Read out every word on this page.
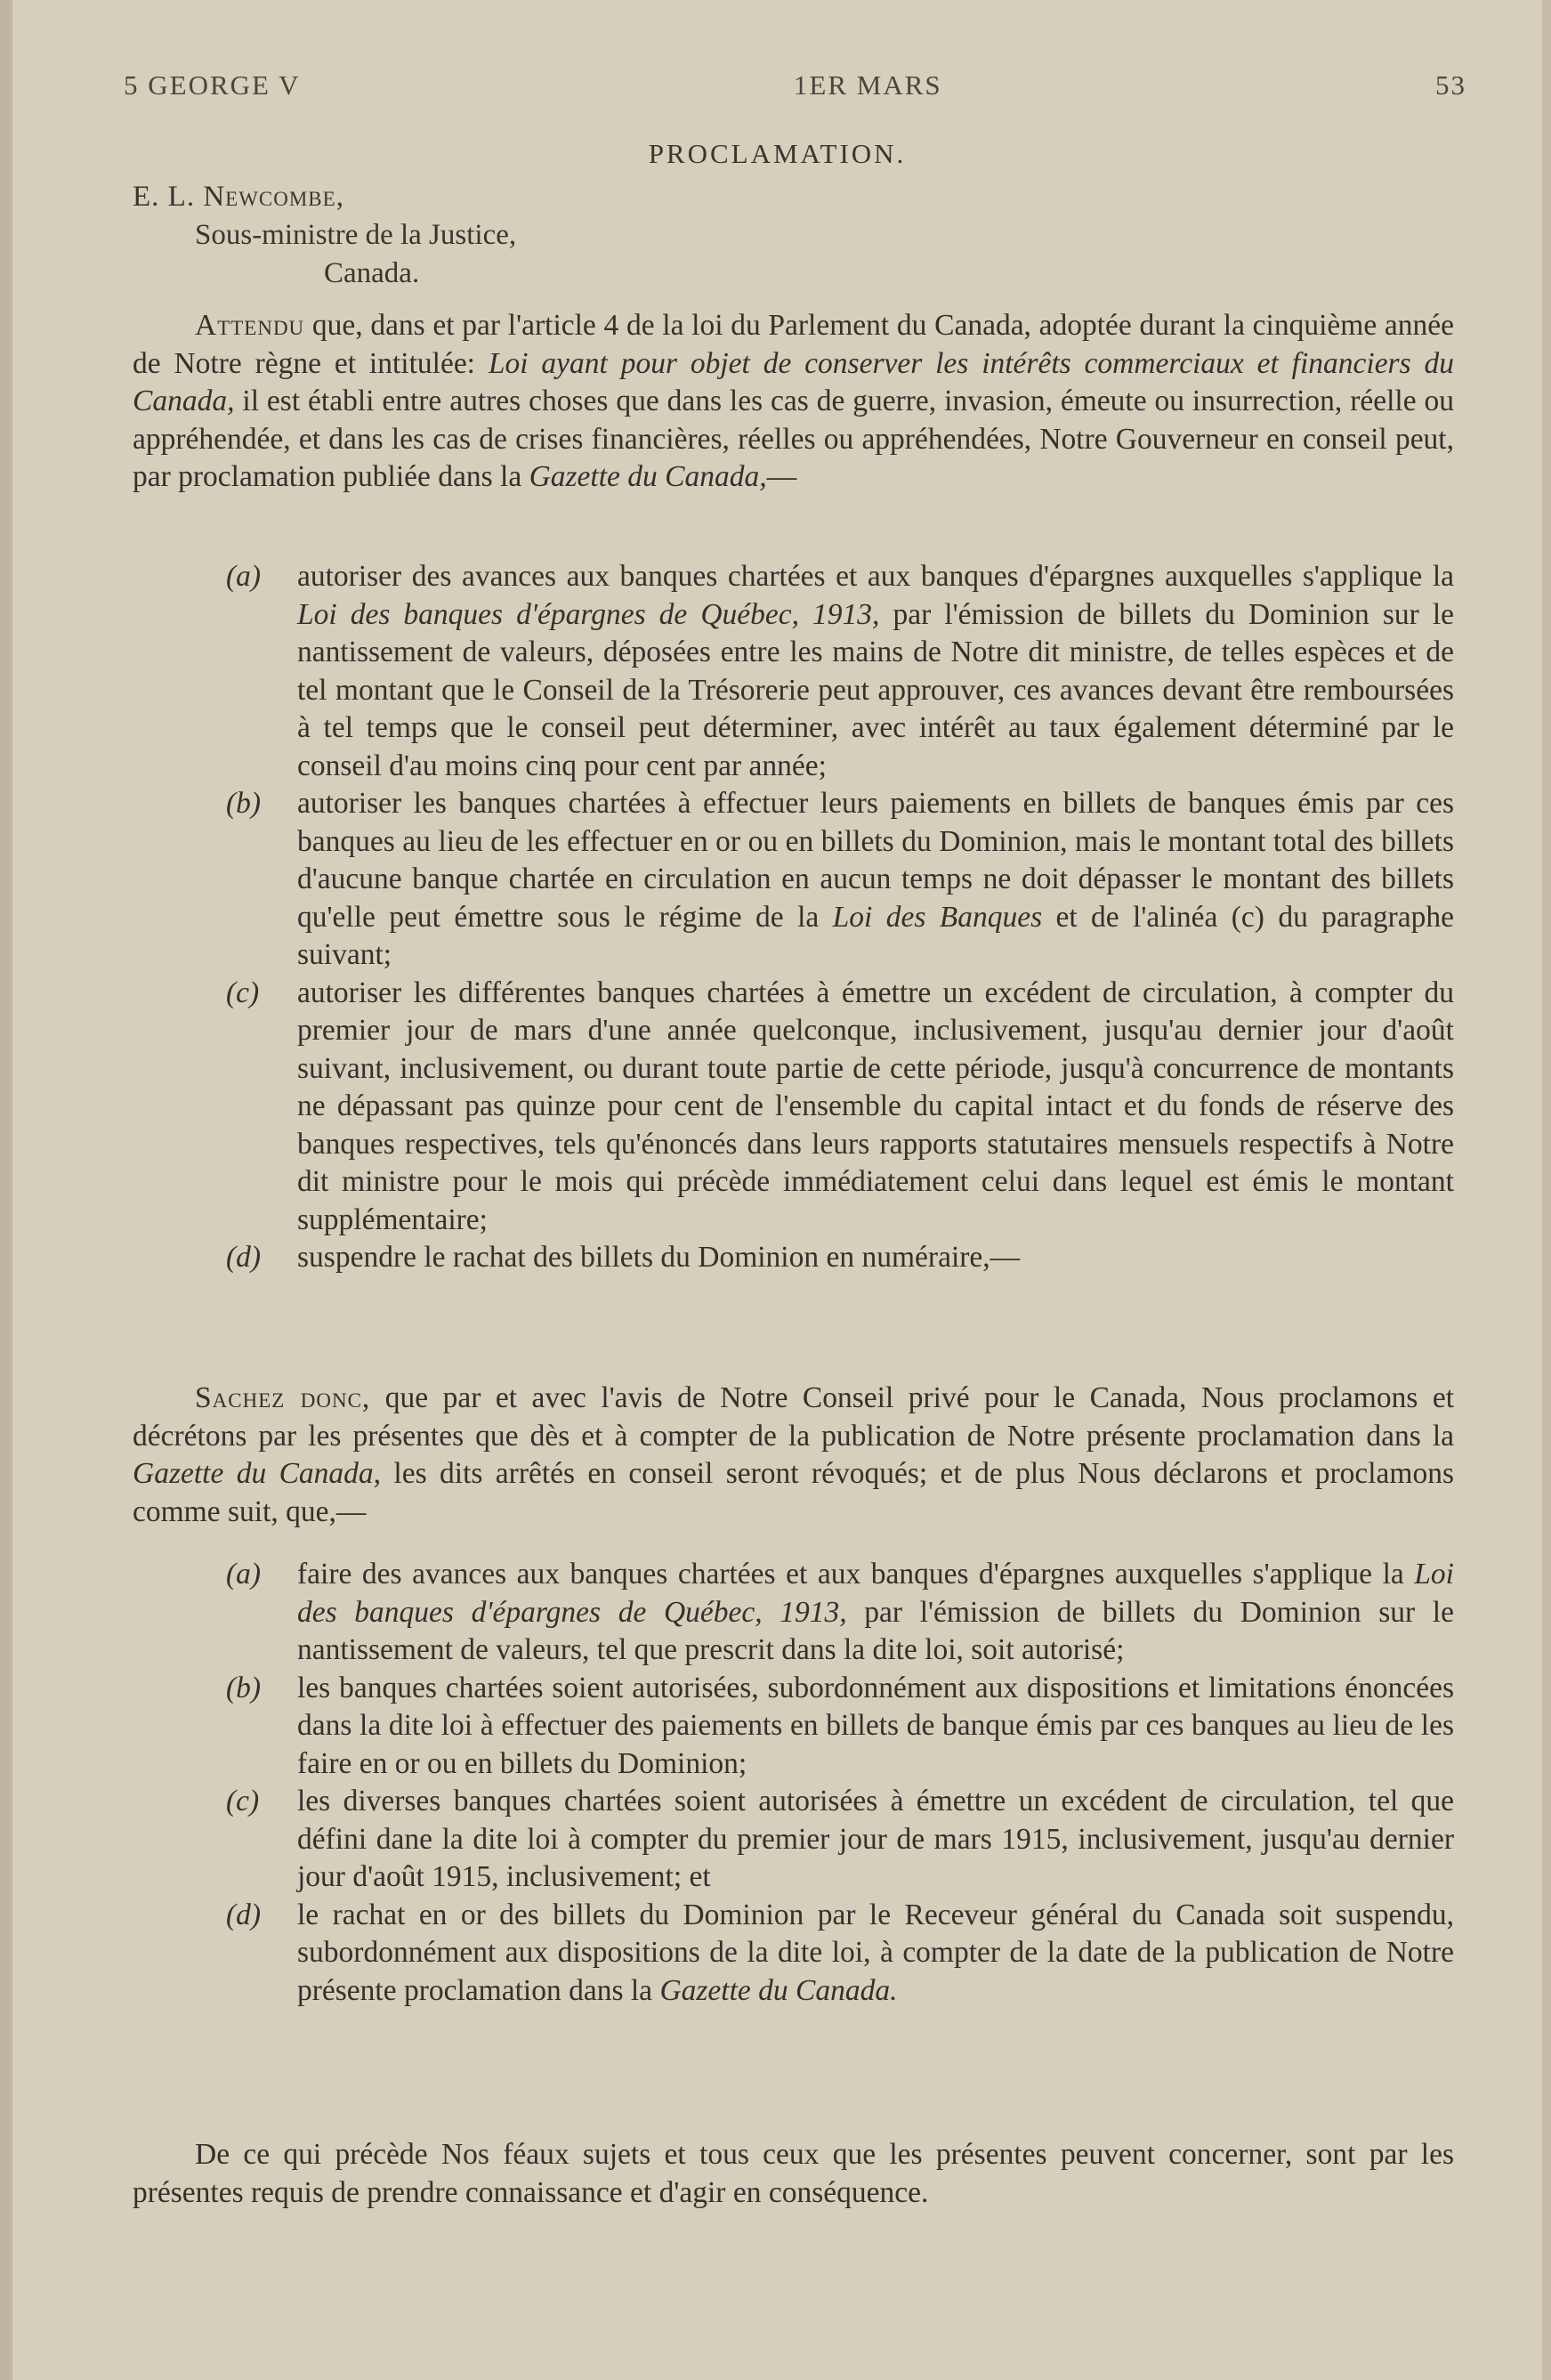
5 GEORGE V	1ER MARS	53
PROCLAMATION.
E. L. Newcombe,
Sous-ministre de la Justice,
Canada.

Attendu que, dans et par l'article 4 de la loi du Parlement du Canada, adoptée durant la cinquième année de Notre règne et intitulée: Loi ayant pour objet de conserver les intérêts commerciaux et financiers du Canada, il est établi entre autres choses que dans les cas de guerre, invasion, émeute ou insurrection, réelle ou appréhendée, et dans les cas de crises financières, réelles ou appréhendées, Notre Gouverneur en conseil peut, par proclamation publiée dans la Gazette du Canada,—

(a) autoriser des avances aux banques chartées et aux banques d'épargnes auxquelles s'applique la Loi des banques d'épargnes de Québec, 1913, par l'émission de billets du Dominion sur le nantissement de valeurs, déposées entre les mains de Notre dit ministre, de telles espèces et de tel montant que le Conseil de la Trésorerie peut approuver, ces avances devant être remboursées à tel temps que le conseil peut déterminer, avec intérêt au taux également déterminé par le conseil d'au moins cinq pour cent par année;
(b) autoriser les banques chartées à effectuer leurs paiements en billets de banques émis par ces banques au lieu de les effectuer en or ou en billets du Dominion, mais le montant total des billets d'aucune banque chartée en circulation en aucun temps ne doit dépasser le montant des billets qu'elle peut émettre sous le régime de la Loi des Banques et de l'alinéa (c) du paragraphe suivant;
(c) autoriser les différentes banques chartées à émettre un excédent de circulation, à compter du premier jour de mars d'une année quelconque, inclusivement, jusqu'au dernier jour d'août suivant, inclusivement, ou durant toute partie de cette période, jusqu'à concurrence de montants ne dépassant pas quinze pour cent de l'ensemble du capital intact et du fonds de réserve des banques respectives, tels qu'énoncés dans leurs rapports statutaires mensuels respectifs à Notre dit ministre pour le mois qui précède immédiatement celui dans lequel est émis le montant supplémentaire;
(d) suspendre le rachat des billets du Dominion en numéraire,—

Sachez donc, que par et avec l'avis de Notre Conseil privé pour le Canada, Nous proclamons et décrétons par les présentes que dès et à compter de la publication de Notre présente proclamation dans la Gazette du Canada, les dits arrêtés en conseil seront révoqués; et de plus Nous déclarons et proclamons comme suit, que,—

(a) faire des avances aux banques chartées et aux banques d'épargnes auxquelles s'applique la Loi des banques d'épargnes de Québec, 1913, par l'émission de billets du Dominion sur le nantissement de valeurs, tel que prescrit dans la dite loi, soit autorisé;
(b) les banques chartées soient autorisées, subordonnément aux dispositions et limitations énoncées dans la dite loi à effectuer des paiements en billets de banque émis par ces banques au lieu de les faire en or ou en billets du Dominion;
(c) les diverses banques chartées soient autorisées à émettre un excédent de circulation, tel que défini dane la dite loi à compter du premier jour de mars 1915, inclusivement, jusqu'au dernier jour d'août 1915, inclusivement; et
(d) le rachat en or des billets du Dominion par le Receveur général du Canada soit suspendu, subordonnément aux dispositions de la dite loi, à compter de la date de la publication de Notre présente proclamation dans la Gazette du Canada.

De ce qui précède Nos féaux sujets et tous ceux que les présentes peuvent concerner, sont par les présentes requis de prendre connaissance et d'agir en conséquence.
